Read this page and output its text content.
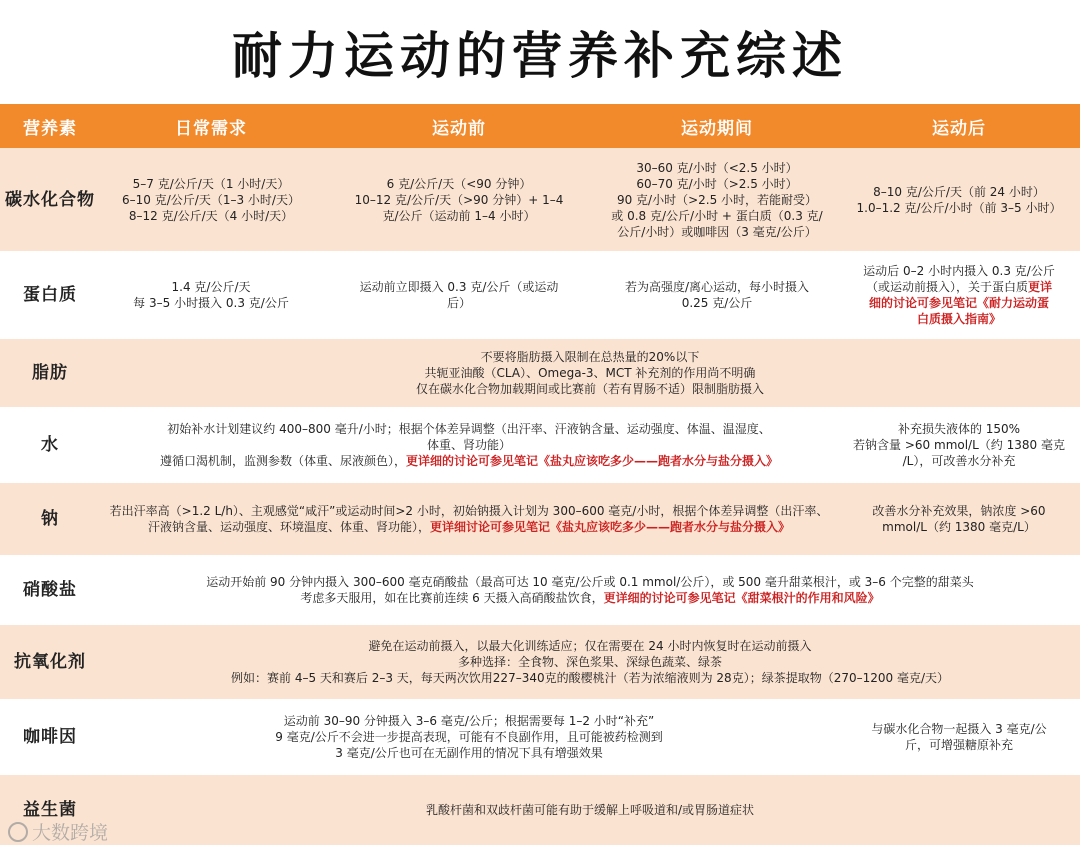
耐力运动的营养补充综述
营养素	日常需求	运动前	运动期间	运动后
碳水化合物	5–7 克/公斤/天（1 小时/天）
6–10 克/公斤/天（1–3 小时/天）
8–12 克/公斤/天（4 小时/天）	6 克/公斤/天（<90 分钟）
10–12 克/公斤/天（>90 分钟）+ 1–4
克/公斤（运动前 1–4 小时）	30–60 克/小时（<2.5 小时）
60–70 克/小时（>2.5 小时）
90 克/小时（>2.5 小时，若能耐受）
或 0.8 克/公斤/小时 + 蛋白质（0.3 克/
公斤/小时）或咖啡因（3 毫克/公斤）	8–10 克/公斤/天（前 24 小时）
1.0–1.2 克/公斤/小时（前 3–5 小时）

蛋白质	1.4 克/公斤/天
每 3–5 小时摄入 0.3 克/公斤	运动前立即摄入 0.3 克/公斤（或运动
后）	若为高强度/离心运动，每小时摄入
0.25 克/公斤	运动后 0–2 小时内摄入 0.3 克/公斤
（或运动前摄入），关于蛋白质更详
细的讨论可参见笔记《耐力运动蛋
白质摄入指南》

脂肪	不要将脂肪摄入限制在总热量的20%以下
共轭亚油酸（CLA）、Omega-3、MCT 补充剂的作用尚不明确
仅在碳水化合物加载期间或比赛前（若有胃肠不适）限制脂肪摄入			

水	初始补水计划建议约 400–800 毫升/小时；根据个体差异调整（出汗率、汗液钠含量、运动强度、体温、温湿度、
体重、肾功能）
遵循口渴机制，监测参数（体重、尿液颜色），更详细的讨论可参见笔记《盐丸应该吃多少——跑者水分与盐分摄入》			补充损失液体的 150%
若钠含量 >60 mmol/L（约 1380 毫克
/L），可改善水分补充

钠	若出汗率高（>1.2 L/h）、主观感觉“咸汗”或运动时间>2 小时，初始钠摄入计划为 300–600 毫克/小时，根据个体差异调整（出汗率、汗液钠含量、运动强度、环境温度、体重、肾功能），更详细讨论可参见笔记《盐丸应该吃多少——跑者水分与盐分摄入》			改善水分补充效果，钠浓度 >60
mmol/L（约 1380 毫克/L）

硝酸盐	运动开始前 90 分钟内摄入 300–600 毫克硝酸盐（最高可达 10 毫克/公斤或 0.1 mmol/公斤），或 500 毫升甜菜根汁，或 3–6 个完整的甜菜头
考虑多天服用，如在比赛前连续 6 天摄入高硝酸盐饮食，更详细的讨论可参见笔记《甜菜根汁的作用和风险》			

抗氧化剂	避免在运动前摄入，以最大化训练适应；仅在需要在 24 小时内恢复时在运动前摄入
多种选择：全食物、深色浆果、深绿色蔬菜、绿茶
例如：赛前 4–5 天和赛后 2–3 天，每天两次饮用227–340克的酸樱桃汁（若为浓缩液则为 28克）；绿茶提取物（270–1200 毫克/天）			

咖啡因	运动前 30–90 分钟摄入 3–6 毫克/公斤；根据需要每 1–2 小时“补充”
9 毫克/公斤不会进一步提高表现，可能有不良副作用，且可能被药检测到
3 毫克/公斤也可在无副作用的情况下具有增强效果			与碳水化合物一起摄入 3 毫克/公
斤，可增强糖原补充

益生菌	乳酸杆菌和双歧杆菌可能有助于缓解上呼吸道和/或胃肠道症状			
大数跨境
